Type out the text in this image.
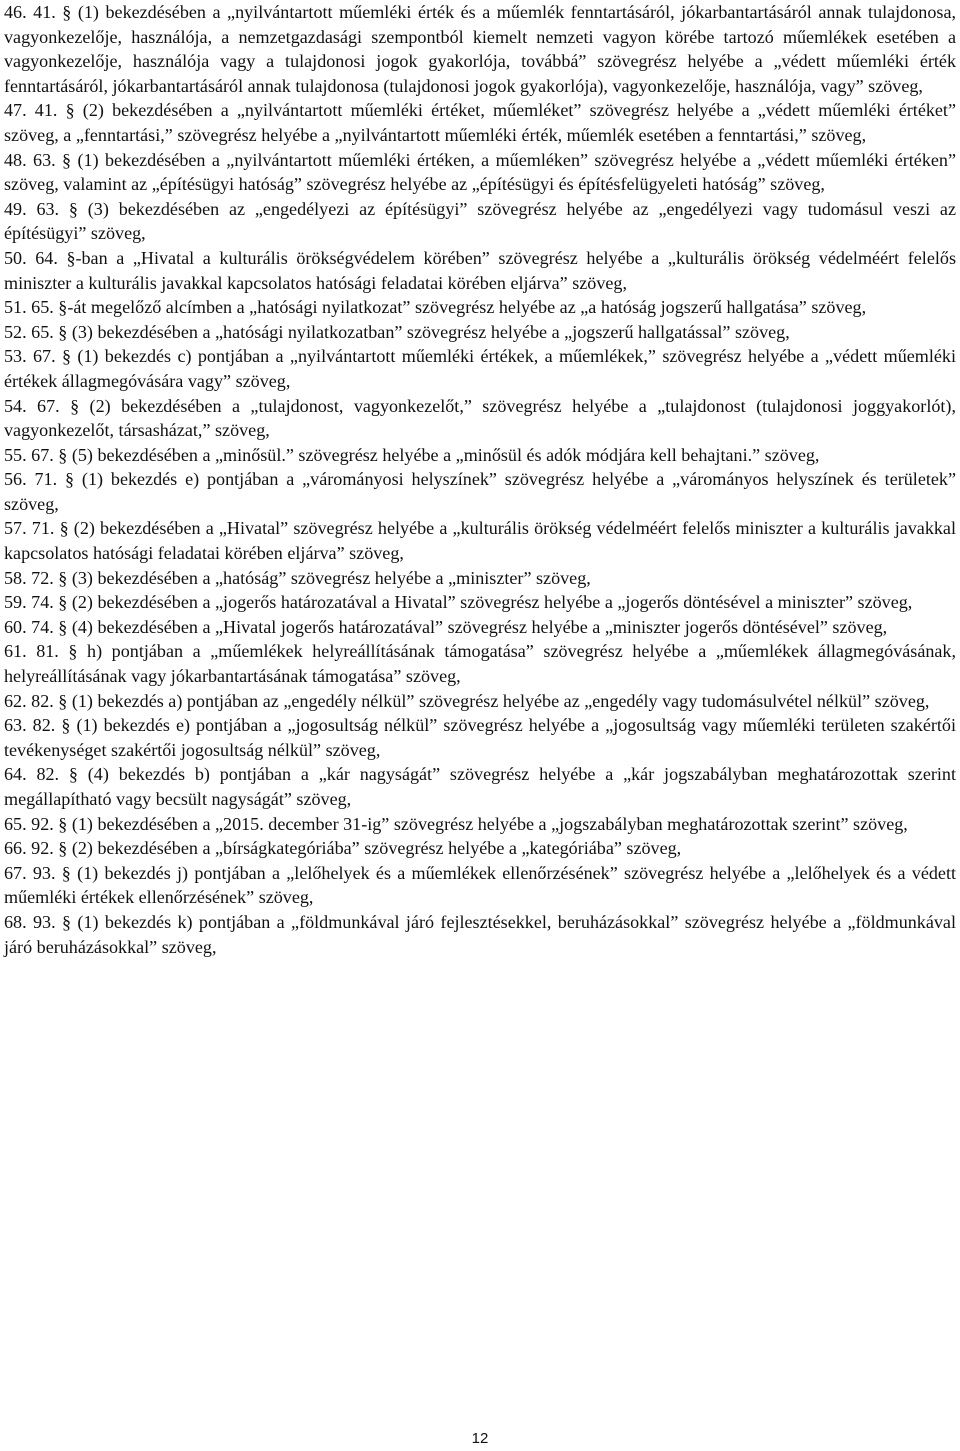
46. 41. § (1) bekezdésében a „nyilvántartott műemléki érték és a műemlék fenntartásáról, jókarbantartásáról annak tulajdonosa, vagyonkezelője, használója, a nemzetgazdasági szempontból kiemelt nemzeti vagyon körébe tartozó műemlékek esetében a vagyonkezelője, használója vagy a tulajdonosi jogok gyakorlója, továbbá” szövegrész helyébe a „védett műemléki érték fenntartásáról, jókarbantartásáról annak tulajdonosa (tulajdonosi jogok gyakorlója), vagyonkezelője, használója, vagy” szöveg,

47. 41. § (2) bekezdésében a „nyilvántartott műemléki értéket, műemléket” szövegrész helyébe a „védett műemléki értéket” szöveg, a „fenntartási,” szövegrész helyébe a „nyilvántartott műemléki érték, műemlék esetében a fenntartási,” szöveg,

48. 63. § (1) bekezdésében a „nyilvántartott műemléki értéken, a műemléken” szövegrész helyébe a „védett műemléki értéken” szöveg, valamint az „építésügyi hatóság” szövegrész helyébe az „építésügyi és építésfelügyeleti hatóság” szöveg,

49. 63. § (3) bekezdésében az „engedélyezi az építésügyi” szövegrész helyébe az „engedélyezi vagy tudomásul veszi az építésügyi” szöveg,

50. 64. §-ban a „Hivatal a kulturális örökségvédelem körében” szövegrész helyébe a „kulturális örökség védelméért felelős miniszter a kulturális javakkal kapcsolatos hatósági feladatai körében eljárva” szöveg,

51. 65. §-át megelőző alcímben a „hatósági nyilatkozat” szövegrész helyébe az „a hatóság jogszerű hallgatása” szöveg,

52. 65. § (3) bekezdésében a „hatósági nyilatkozatban” szövegrész helyébe a „jogszerű hallgatással” szöveg,

53. 67. § (1) bekezdés c) pontjában a „nyilvántartott műemléki értékek, a műemlékek,” szövegrész helyébe a „védett műemléki értékek állagmegóvására vagy” szöveg,

54. 67. § (2) bekezdésében a „tulajdonost, vagyonkezelőt,” szövegrész helyébe a „tulajdonost (tulajdonosi joggyakorlót), vagyonkezelőt, társasházat,” szöveg,

55. 67. § (5) bekezdésében a „minősül.” szövegrész helyébe a „minősül és adók módjára kell behajtani.” szöveg,

56. 71. § (1) bekezdés e) pontjában a „várományosi helyszínek” szövegrész helyébe a „várományos helyszínek és területek” szöveg,

57. 71. § (2) bekezdésében a „Hivatal” szövegrész helyébe a „kulturális örökség védelméért felelős miniszter a kulturális javakkal kapcsolatos hatósági feladatai körében eljárva” szöveg,

58. 72. § (3) bekezdésében a „hatóság” szövegrész helyébe a „miniszter” szöveg,

59. 74. § (2) bekezdésében a „jogerős határozatával a Hivatal” szövegrész helyébe a „jogerős döntésével a miniszter” szöveg,

60. 74. § (4) bekezdésében a „Hivatal jogerős határozatával” szövegrész helyébe a „miniszter jogerős döntésével” szöveg,

61. 81. § h) pontjában a „műemlékek helyreállításának támogatása” szövegrész helyébe a „műemlékek állagmegóvásának, helyreállításának vagy jókarbantartásának támogatása” szöveg,

62. 82. § (1) bekezdés a) pontjában az „engedély nélkül” szövegrész helyébe az „engedély vagy tudomásulvétel nélkül” szöveg,

63. 82. § (1) bekezdés e) pontjában a „jogosultság nélkül” szövegrész helyébe a „jogosultság vagy műemléki területen szakértői tevékenységet szakértői jogosultság nélkül” szöveg,

64. 82. § (4) bekezdés b) pontjában a „kár nagyságát” szövegrész helyébe a „kár jogszabályban meghatározottak szerint megállapítható vagy becsült nagyságát” szöveg,

65. 92. § (1) bekezdésében a „2015. december 31-ig” szövegrész helyébe a „jogszabályban meghatározottak szerint” szöveg,

66. 92. § (2) bekezdésében a „bírságkategóriába” szövegrész helyébe a „kategóriába” szöveg,

67. 93. § (1) bekezdés j) pontjában a „lelőhelyek és a műemlékek ellenőrzésének” szövegrész helyébe a „lelőhelyek és a védett műemléki értékek ellenőrzésének” szöveg,

68. 93. § (1) bekezdés k) pontjában a „földmunkával járó fejlesztésekkel, beruházásokkal” szövegrész helyébe a „földmunkával járó beruházásokkal” szöveg,

12
